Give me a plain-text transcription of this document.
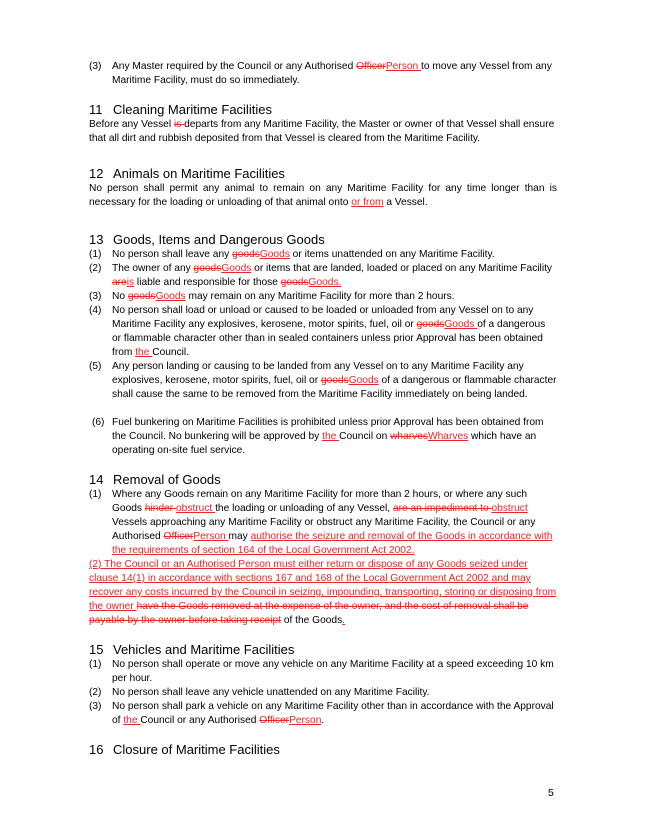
(3) Any Master required by the Council or any Authorised OfficerPerson to move any Vessel from any Maritime Facility, must do so immediately.
11 Cleaning Maritime Facilities
Before any Vessel is departs from any Maritime Facility, the Master or owner of that Vessel shall ensure that all dirt and rubbish deposited from that Vessel is cleared from the Maritime Facility.
12 Animals on Maritime Facilities
No person shall permit any animal to remain on any Maritime Facility for any time longer than is necessary for the loading or unloading of that animal onto or from a Vessel.
13 Goods, Items and Dangerous Goods
(1) No person shall leave any goodsGoods or items unattended on any Maritime Facility.
(2) The owner of any goodsGoods or items that are landed, loaded or placed on any Maritime Facility areis liable and responsible for those goodsGoods.
(3) No goodsGoods may remain on any Maritime Facility for more than 2 hours.
(4) No person shall load or unload or caused to be loaded or unloaded from any Vessel on to any Maritime Facility any explosives, kerosene, motor spirits, fuel, oil or goodsGoods of a dangerous or flammable character other than in sealed containers unless prior Approval has been obtained from the Council.
(5) Any person landing or causing to be landed from any Vessel on to any Maritime Facility any explosives, kerosene, motor spirits, fuel, oil or goodsGoods of a dangerous or flammable character shall cause the same to be removed from the Maritime Facility immediately on being landed.
(6) Fuel bunkering on Maritime Facilities is prohibited unless prior Approval has been obtained from the Council. No bunkering will be approved by the Council on wharvesWharves which have an operating on-site fuel service.
14 Removal of Goods
(1) Where any Goods remain on any Maritime Facility for more than 2 hours, or where any such Goods hinder obstruct the loading or unloading of any Vessel, are an impediment to obstruct Vessels approaching any Maritime Facility or obstruct any Maritime Facility, the Council or any Authorised OfficerPerson may authorise the seizure and removal of the Goods in accordance with the requirements of section 164 of the Local Government Act 2002.
(2) The Council or an Authorised Person must either return or dispose of any Goods seized under clause 14(1) in accordance with sections 167 and 168 of the Local Government Act 2002 and may recover any costs incurred by the Council in seizing, impounding, transporting, storing or disposing from the owner have the Goods removed at the expense of the owner, and the cost of removal shall be payable by the owner before taking receipt of the Goods.
15 Vehicles and Maritime Facilities
(1) No person shall operate or move any vehicle on any Maritime Facility at a speed exceeding 10 km per hour.
(2) No person shall leave any vehicle unattended on any Maritime Facility.
(3) No person shall park a vehicle on any Maritime Facility other than in accordance with the Approval of the Council or any Authorised OfficerPerson.
16 Closure of Maritime Facilities
5
